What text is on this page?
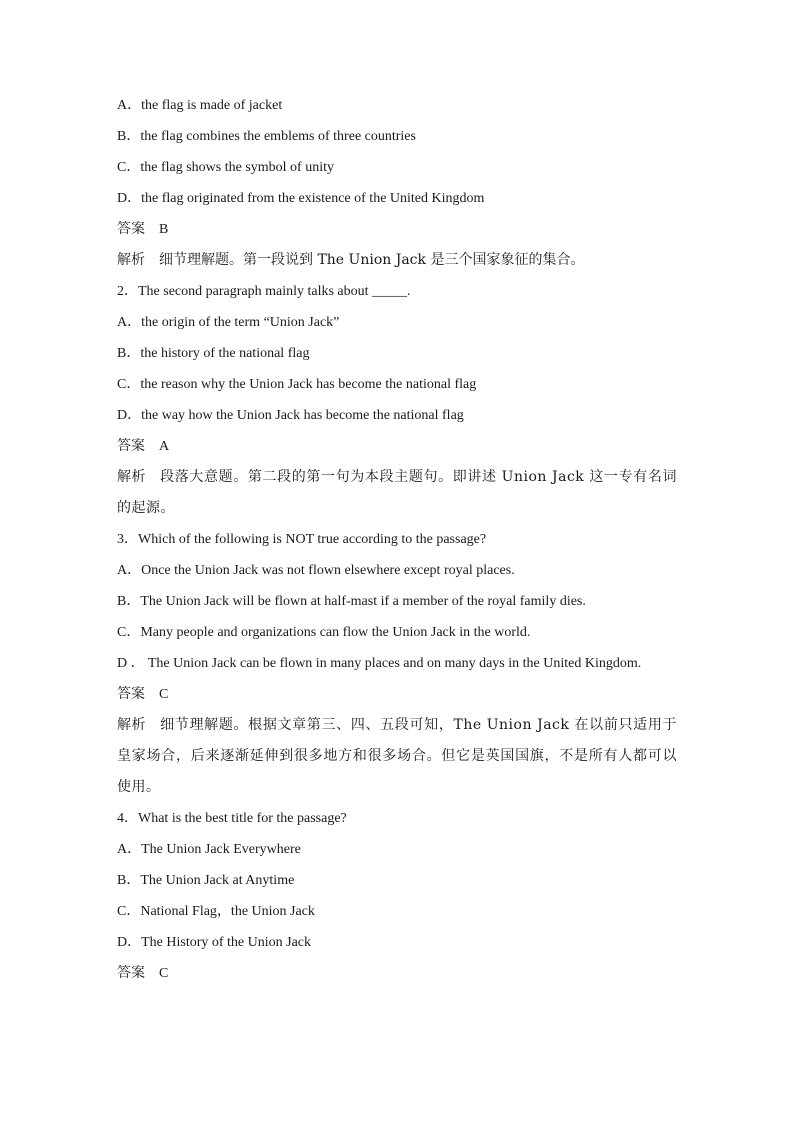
A．the flag is made of jacket
B．the flag combines the emblems of three countries
C．the flag shows the symbol of unity
D．the flag originated from the existence of the United Kingdom
答案 B
解析 细节理解题。第一段说到 The Union Jack 是三个国家象征的集合。
2．The second paragraph mainly talks about _____.
A．the origin of the term “Union Jack”
B．the history of the national flag
C．the reason why the Union Jack has become the national flag
D．the way how the Union Jack has become the national flag
答案 A
解析 段落大意题。第二段的第一句为本段主题句。即讲述 Union Jack 这一专有名词的起源。
3．Which of the following is NOT true according to the passage?
A．Once the Union Jack was not flown elsewhere except royal places.
B．The Union Jack will be flown at half-mast if a member of the royal family dies.
C．Many people and organizations can flow the Union Jack in the world.
D ． The Union Jack can be flown in many places and on many days in the United Kingdom.
答案 C
解析 细节理解题。根据文章第三、四、五段可知，The Union Jack 在以前只适用于皇家场合，后来逐渐延伸到很多地方和很多场合。但它是英国国旗，不是所有人都可以使用。
4．What is the best title for the passage?
A．The Union Jack Everywhere
B．The Union Jack at Anytime
C．National Flag，the Union Jack
D．The History of the Union Jack
答案 C
